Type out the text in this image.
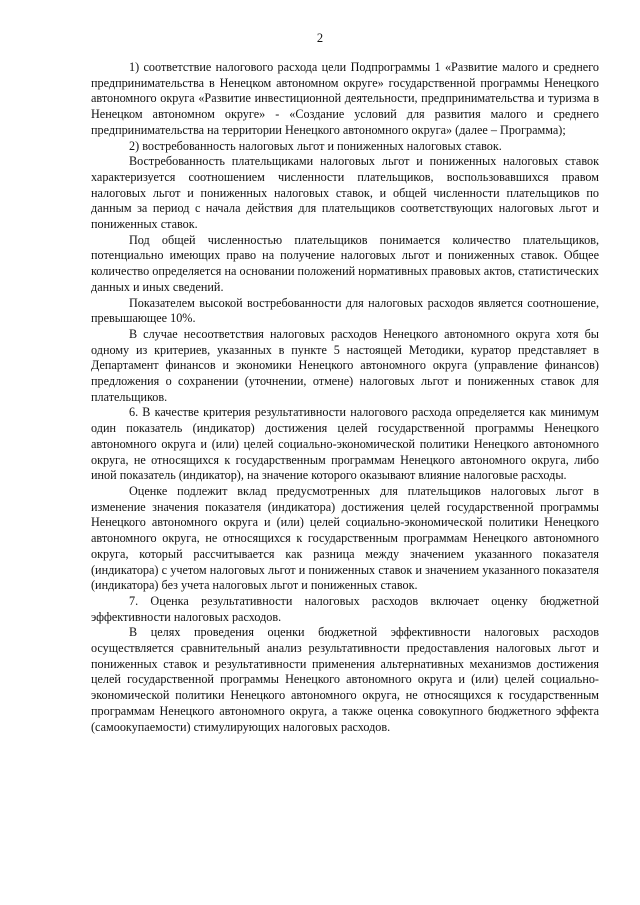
2

1) соответствие налогового расхода цели Подпрограммы 1 «Развитие малого и среднего предпринимательства в Ненецком автономном округе» государственной программы Ненецкого автономного округа «Развитие инвестиционной деятельности, предпринимательства и туризма в Ненецком автономном округе» - «Создание условий для развития малого и среднего предпринимательства на территории Ненецкого автономного округа» (далее – Программа);

2) востребованность налоговых льгот и пониженных налоговых ставок.

Востребованность плательщиками налоговых льгот и пониженных налоговых ставок характеризуется соотношением численности плательщиков, воспользовавшихся правом налоговых льгот и пониженных налоговых ставок, и общей численности плательщиков по данным за период с начала действия для плательщиков соответствующих налоговых льгот и пониженных ставок.

Под общей численностью плательщиков понимается количество плательщиков, потенциально имеющих право на получение налоговых льгот и пониженных ставок. Общее количество определяется на основании положений нормативных правовых актов, статистических данных и иных сведений.

Показателем высокой востребованности для налоговых расходов является соотношение, превышающее 10%.

В случае несоответствия налоговых расходов Ненецкого автономного округа хотя бы одному из критериев, указанных в пункте 5 настоящей Методики, куратор представляет в Департамент финансов и экономики Ненецкого автономного округа (управление финансов) предложения о сохранении (уточнении, отмене) налоговых льгот и пониженных ставок для плательщиков.

6. В качестве критерия результативности налогового расхода определяется как минимум один показатель (индикатор) достижения целей государственной программы Ненецкого автономного округа и (или) целей социально-экономической политики Ненецкого автономного округа, не относящихся к государственным программам Ненецкого автономного округа, либо иной показатель (индикатор), на значение которого оказывают влияние налоговые расходы.

Оценке подлежит вклад предусмотренных для плательщиков налоговых льгот в изменение значения показателя (индикатора) достижения целей государственной программы Ненецкого автономного округа и (или) целей социально-экономической политики Ненецкого автономного округа, не относящихся к государственным программам Ненецкого автономного округа, который рассчитывается как разница между значением указанного показателя (индикатора) с учетом налоговых льгот и пониженных ставок и значением указанного показателя (индикатора) без учета налоговых льгот и пониженных ставок.

7. Оценка результативности налоговых расходов включает оценку бюджетной эффективности налоговых расходов.

В целях проведения оценки бюджетной эффективности налоговых расходов осуществляется сравнительный анализ результативности предоставления налоговых льгот и пониженных ставок и результативности применения альтернативных механизмов достижения целей государственной программы Ненецкого автономного округа и (или) целей социально-экономической политики Ненецкого автономного округа, не относящихся к государственным программам Ненецкого автономного округа, а также оценка совокупного бюджетного эффекта (самоокупаемости) стимулирующих налоговых расходов.
